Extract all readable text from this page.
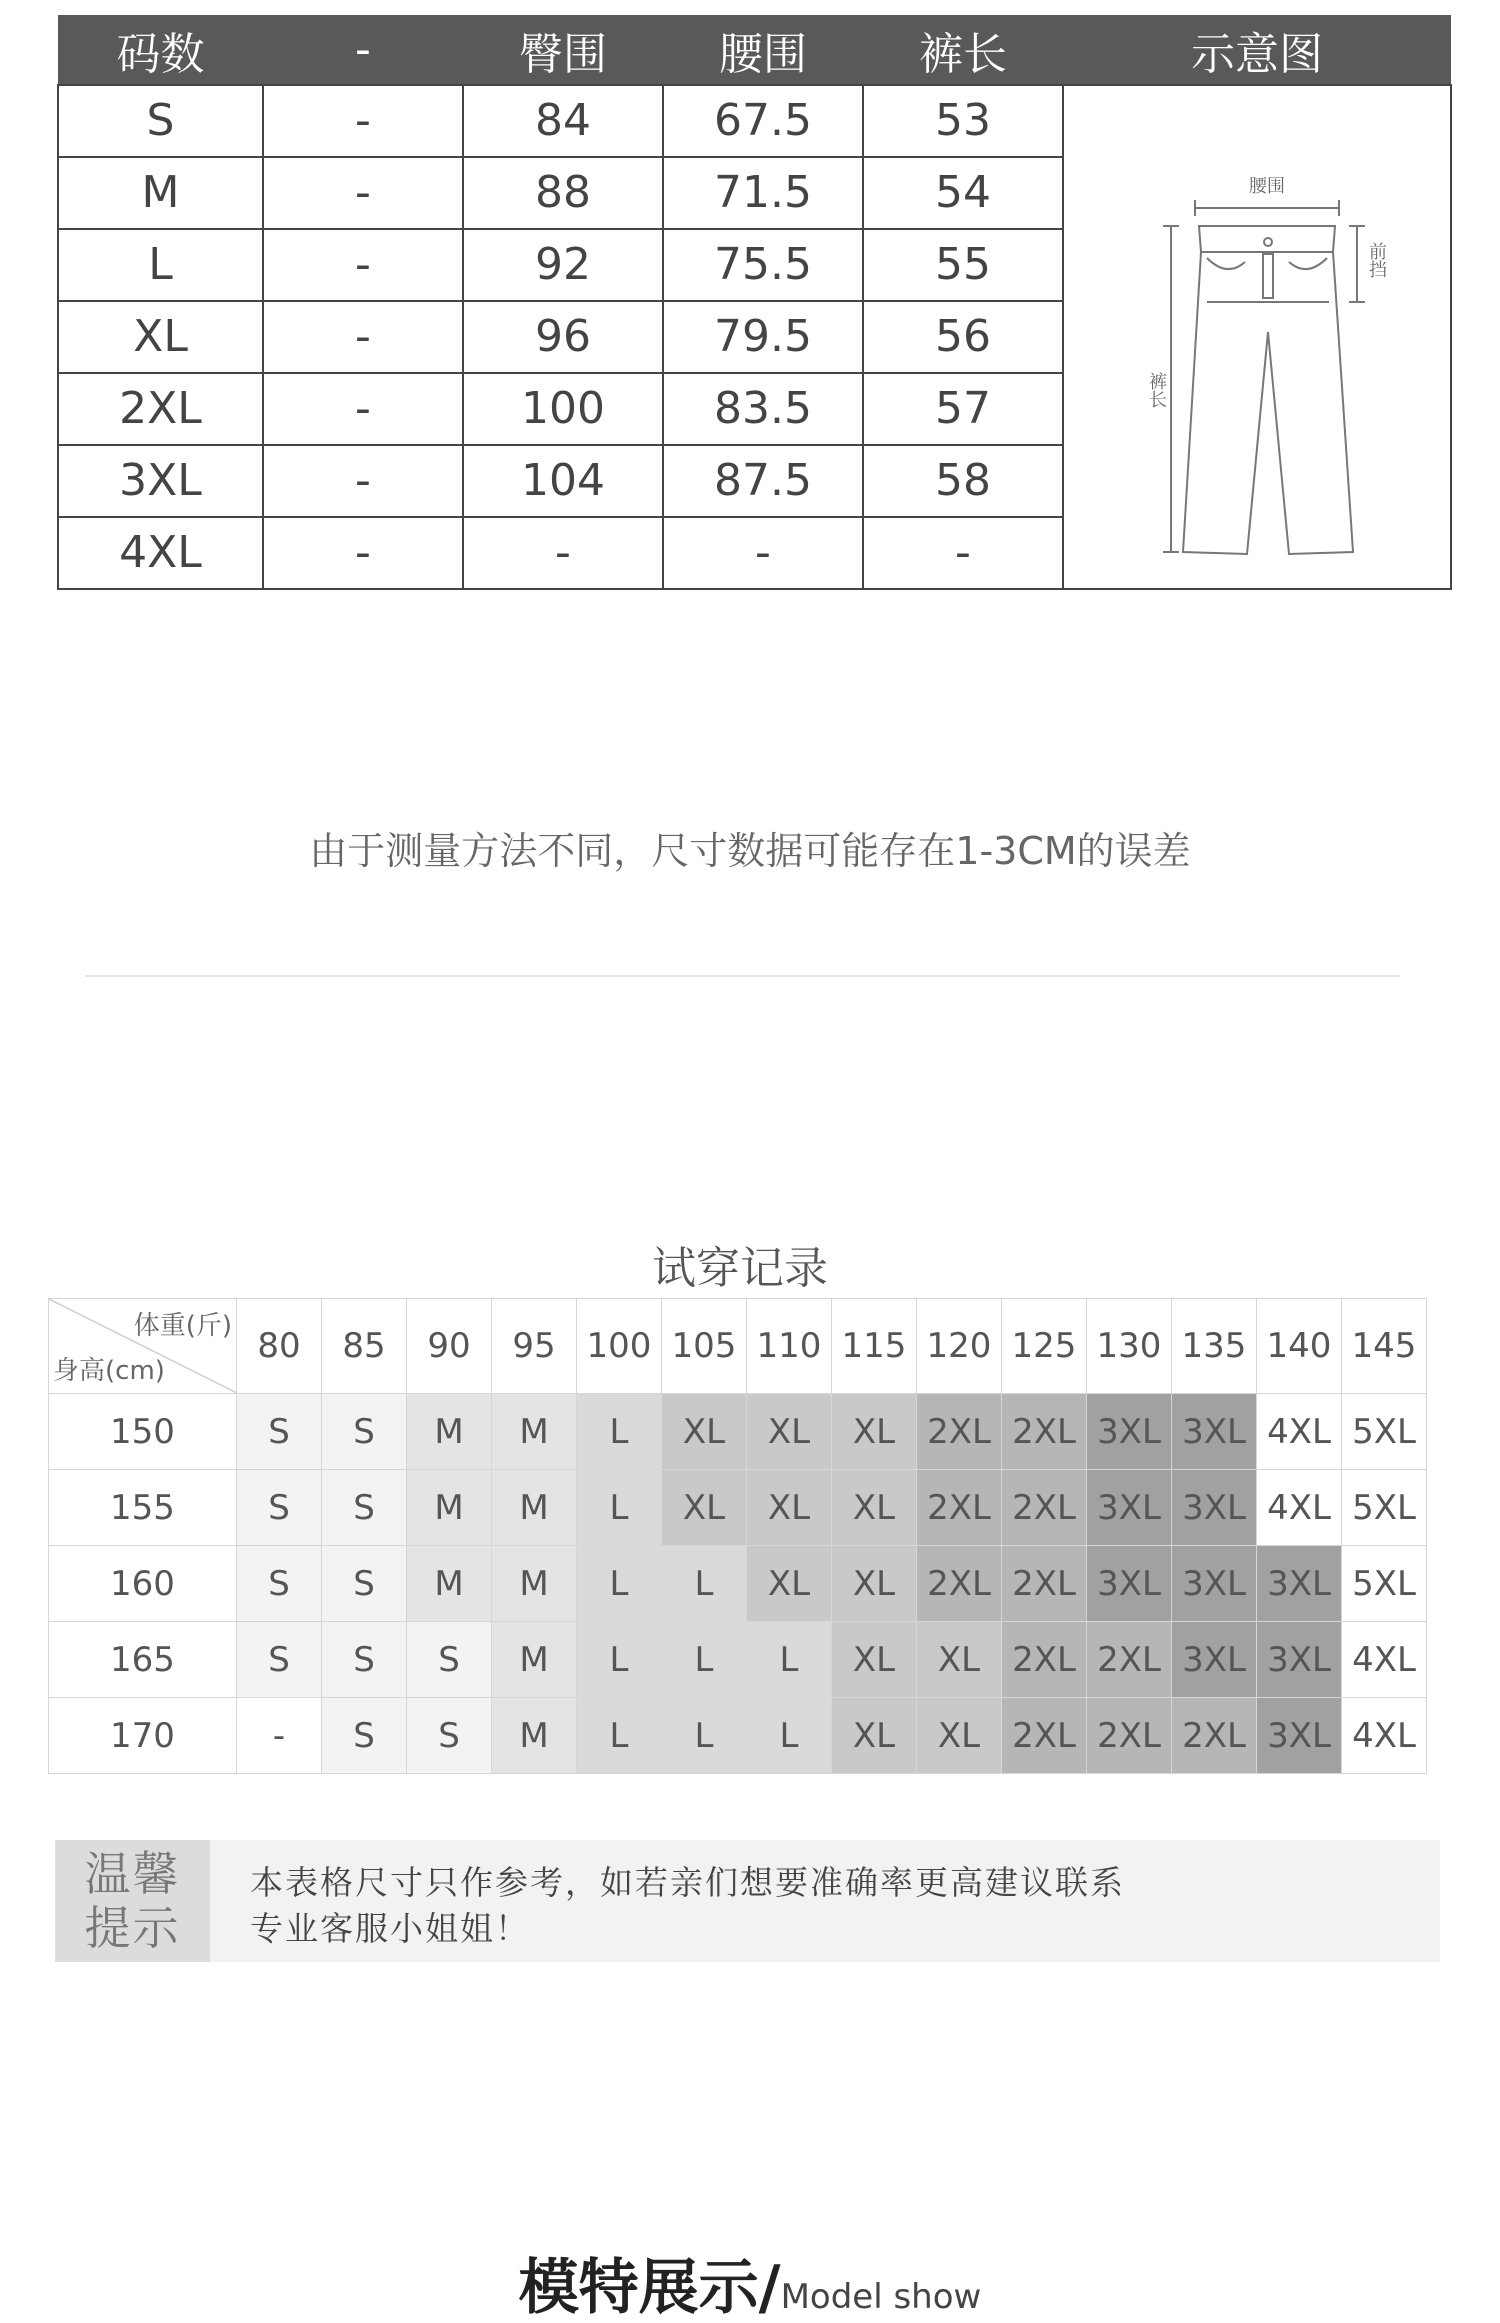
码数	-	臀围	腰围	裤长	示意图
S	-	84	67.5	53	腰围
前挡
裤长

M	-	88	71.5	54	
L	-	92	75.5	55	
XL	-	96	79.5	56	
2XL	-	100	83.5	57	
3XL	-	104	87.5	58	
4XL	-	-	-	-	

由于测量方法不同，尺寸数据可能存在1-3CM的误差

试穿记录
体重(斤)
身高(cm)	80	85	90	95	100	105	110	115	120	125	130	135	140	145
150	S	S	M	M	L	XL	XL	XL	2XL	2XL	3XL	3XL	4XL	5XL
155	S	S	M	M	L	XL	XL	XL	2XL	2XL	3XL	3XL	4XL	5XL
160	S	S	M	M	L	L	XL	XL	2XL	2XL	3XL	3XL	3XL	5XL
165	S	S	S	M	L	L	L	XL	XL	2XL	2XL	3XL	3XL	4XL
170	-	S	S	M	L	L	L	XL	XL	2XL	2XL	2XL	3XL	4XL
温馨
提示
本表格尺寸只作参考，如若亲们想要准确率更高建议联系
专业客服小姐姐！
模特展示/Model show
